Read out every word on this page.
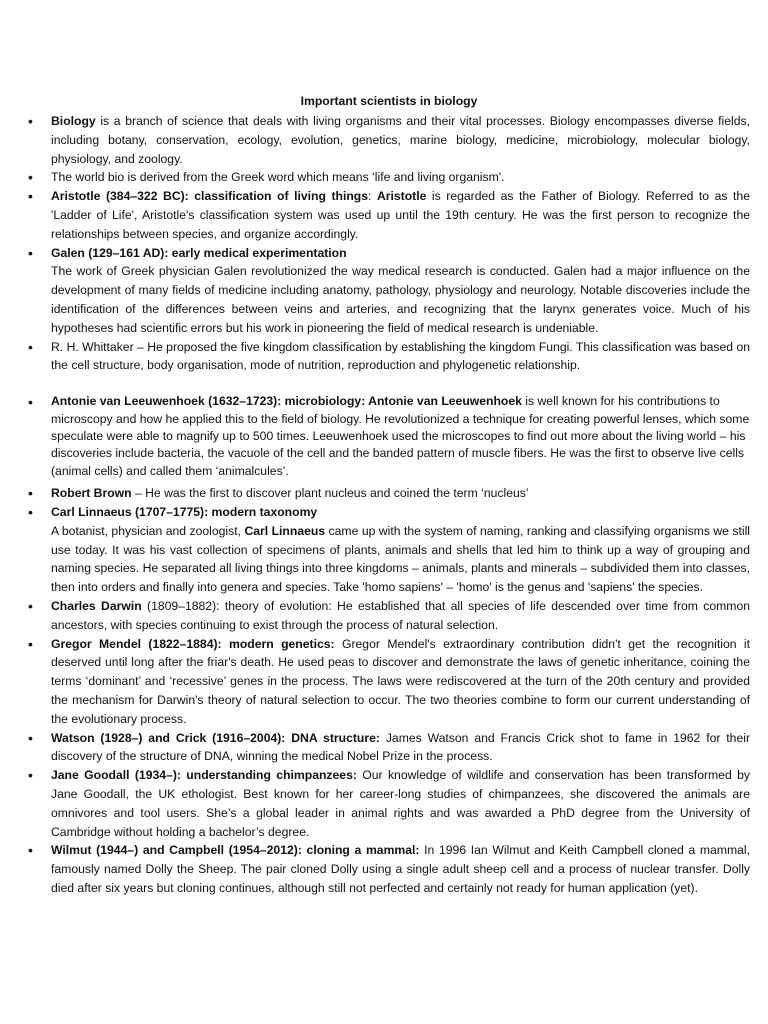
Important scientists in biology
• Biology is a branch of science that deals with living organisms and their vital processes. Biology encompasses diverse fields, including botany, conservation, ecology, evolution, genetics, marine biology, medicine, microbiology, molecular biology, physiology, and zoology.
• The world bio is derived from the Greek word which means ‘life and living organism'.
• Aristotle (384–322 BC): classification of living things: Aristotle is regarded as the Father of Biology. Referred to as the 'Ladder of Life', Aristotle's classification system was used up until the 19th century. He was the first person to recognize the relationships between species, and organize accordingly.
• Galen (129–161 AD): early medical experimentation
The work of Greek physician Galen revolutionized the way medical research is conducted. Galen had a major influence on the development of many fields of medicine including anatomy, pathology, physiology and neurology. Notable discoveries include the identification of the differences between veins and arteries, and recognizing that the larynx generates voice. Much of his hypotheses had scientific errors but his work in pioneering the field of medical research is undeniable.
• R. H. Whittaker – He proposed the five kingdom classification by establishing the kingdom Fungi. This classification was based on the cell structure, body organisation, mode of nutrition, reproduction and phylogenetic relationship.
• Antonie van Leeuwenhoek (1632–1723): microbiology: Antonie van Leeuwenhoek is well known for his contributions to microscopy and how he applied this to the field of biology. He revolutionized a technique for creating powerful lenses, which some speculate were able to magnify up to 500 times. Leeuwenhoek used the microscopes to find out more about the living world – his discoveries include bacteria, the vacuole of the cell and the banded pattern of muscle fibers. He was the first to observe live cells (animal cells) and called them ‘animalcules’.
• Robert Brown – He was the first to discover plant nucleus and coined the term ‘nucleus’
• Carl Linnaeus (1707–1775): modern taxonomy
A botanist, physician and zoologist, Carl Linnaeus came up with the system of naming, ranking and classifying organisms we still use today. It was his vast collection of specimens of plants, animals and shells that led him to think up a way of grouping and naming species. He separated all living things into three kingdoms – animals, plants and minerals – subdivided them into classes, then into orders and finally into genera and species. Take 'homo sapiens' – 'homo' is the genus and 'sapiens' the species.
• Charles Darwin (1809–1882): theory of evolution: He established that all species of life descended over time from common ancestors, with species continuing to exist through the process of natural selection.
• Gregor Mendel (1822–1884): modern genetics: Gregor Mendel's extraordinary contribution didn't get the recognition it deserved until long after the friar's death. He used peas to discover and demonstrate the laws of genetic inheritance, coining the terms ‘dominant’ and ‘recessive’ genes in the process. The laws were rediscovered at the turn of the 20th century and provided the mechanism for Darwin's theory of natural selection to occur. The two theories combine to form our current understanding of the evolutionary process.
• Watson (1928–) and Crick (1916–2004): DNA structure: James Watson and Francis Crick shot to fame in 1962 for their discovery of the structure of DNA, winning the medical Nobel Prize in the process.
• Jane Goodall (1934–): understanding chimpanzees: Our knowledge of wildlife and conservation has been transformed by Jane Goodall, the UK ethologist. Best known for her career-long studies of chimpanzees, she discovered the animals are omnivores and tool users. She’s a global leader in animal rights and was awarded a PhD degree from the University of Cambridge without holding a bachelor’s degree.
• Wilmut (1944–) and Campbell (1954–2012): cloning a mammal: In 1996 Ian Wilmut and Keith Campbell cloned a mammal, famously named Dolly the Sheep. The pair cloned Dolly using a single adult sheep cell and a process of nuclear transfer. Dolly died after six years but cloning continues, although still not perfected and certainly not ready for human application (yet).
